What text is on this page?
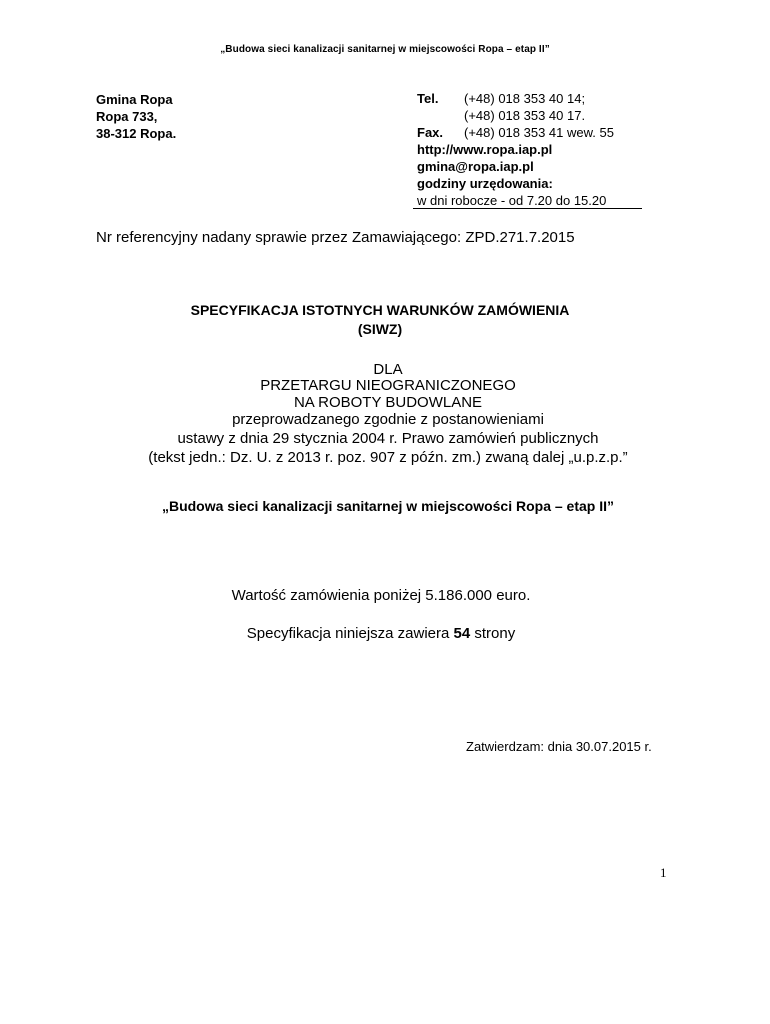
„Budowa sieci kanalizacji sanitarnej w miejscowości Ropa – etap II”
Gmina Ropa
Ropa 733,
38-312 Ropa.
Tel. (+48) 018 353 40 14;
(+48) 018 353 40 17.
Fax. (+48) 018 353 41 wew. 55
http://www.ropa.iap.pl
gmina@ropa.iap.pl
godziny urzędowania:
w dni robocze - od 7.20 do 15.20
Nr referencyjny nadany sprawie przez Zamawiającego: ZPD.271.7.2015
SPECYFIKACJA ISTOTNYCH WARUNKÓW ZAMÓWIENIA
(SIWZ)
DLA
PRZETARGU NIEOGRANICZONEGO
NA ROBOTY BUDOWLANE
przeprowadzanego zgodnie z postanowieniami
ustawy z dnia 29 stycznia 2004 r. Prawo zamówień publicznych
(tekst jedn.: Dz. U. z 2013 r. poz. 907 z późn. zm.) zwaną dalej „u.p.z.p.”
„Budowa sieci kanalizacji sanitarnej w miejscowości Ropa – etap II”
Wartość zamówienia poniżej 5.186.000 euro.
Specyfikacja niniejsza zawiera 54 strony
Zatwierdzam: dnia 30.07.2015 r.
1
